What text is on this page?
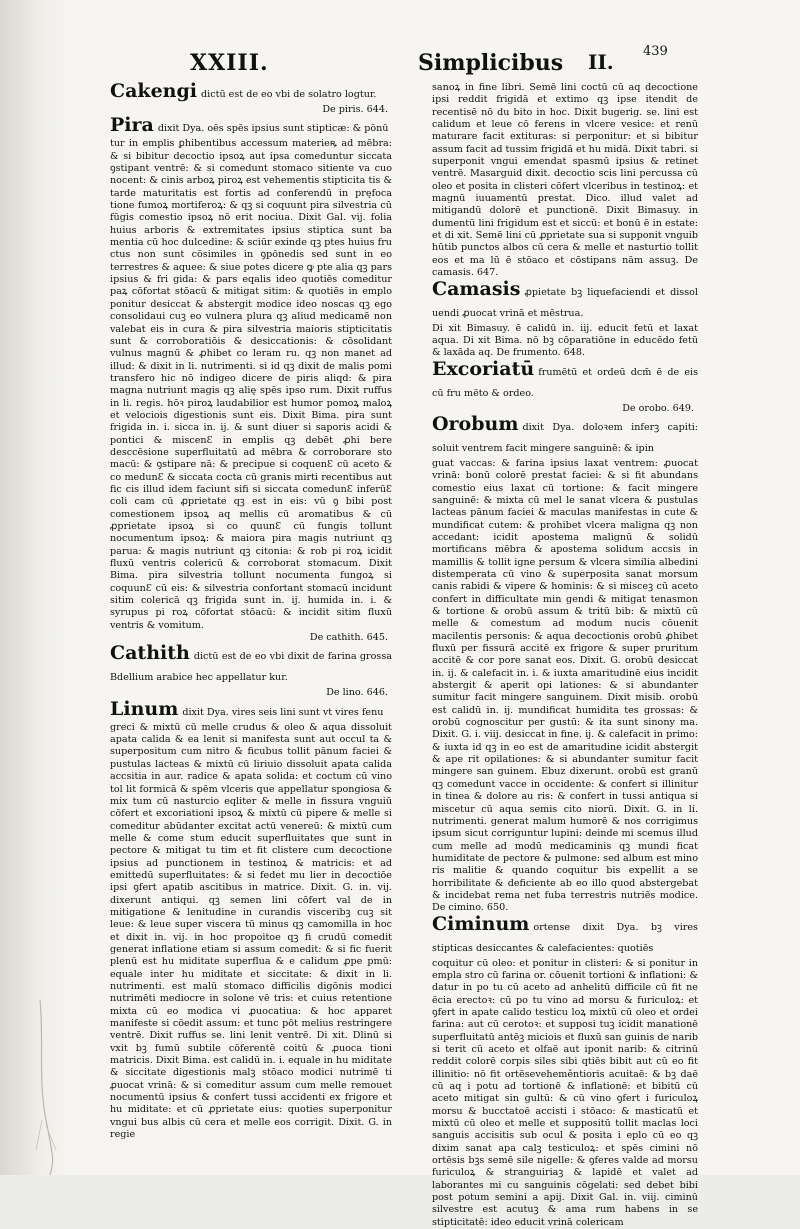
XXIII.	Simplicibus II. 439

Cakengi dictū est de eo vbi de solatro logtur.

De piris. 644.

Pira dixit Dya. oēs spēs ipsius sunt stipticæ: & pōnū

tur in emplis ꝑhibentibus accessum materieꝶ ad mēbra: & si bibitur decoctio ipsoꝝ aut ipsa comeduntur siccata ꝯstipant ventrē: & si comedunt stomaco sitiente va cuo nocent: & cinis arboꝝ piroꝝ est vehementis stipticita tis & tarde maturitatis est fortis ad conferendū in pręfoca tione fumoꝝ mortiferoꝝ: & qꝫ si coquunt pira silvestria cū fūgis comestio ipsoꝝ nō erit nociua. Dixit Gal. vij. folia huius arboris & extremitates ipsius stiptica sunt ba mentia cū hoc dulcedine: & sciūr exinde qꝫ ptes huius fru ctus non sunt cōsimiles in ꝯpōnedis sed sunt in eo terrestres & aquee: & siue potes dicere ꝙ pte alia qꝫ pars ipsius & fri gida: & pars eqalis ideo quotiēs comeditur paꝝ cōfortat stōacū & mitigat sitim: & quotiēs in emplo ponitur desiccat & abstergit modice ideo noscas qꝫ ego consolidaui cuꝫ eo vulnera plura qꝫ aliud medicamē non valebat eis in cura & pira silvestria maioris stipticitatis sunt & corroboratiōis & desiccationis: & cōsolidant vulnus magnū & ꝓhibet co leram ru. qꝫ non manet ad illud: & dixit in li. nutrimenti. si id qꝫ dixit de malis pomi transfero hic nō indigeo dicere de piris aliqd: & pira magna nutriunt magis qꝫ alię spēs ipso rum. Dixit ruffus in li. regis. hōꝛ piroꝝ laudabilior est humor pomoꝝ maloꝝ et velociois digestionis sunt eis. Dixit Bima. pira sunt frigida in. i. sicca in. ij. & sunt diuer si saporis acidi & pontici & miscenƐ in emplis qꝫ debēt ꝓhi bere desccēsione superfluitatū ad mēbra & corroborare sto macū: & ꝯstipare nā: & precipue si coquenƐ cū aceto & co medunƐ & siccata cocta cū granis mirti recentibus aut fic cis illud idem faciunt sifi si siccata comedunƐ inferūƐ coli cam cū ꝓprietate qꝫ est in eis: vū ꝯ bibi post comestionem ipsoꝝ aq mellis cū aromatibus & cū ꝓprietate ipsoꝝ si co quunƐ cū fungis tollunt nocumentum ipsoꝝ: & maiora pira magis nutriunt qꝫ parua: & magis nutriunt qꝫ citonia: & rob pi roꝝ icidit fluxū ventris colericū & corroborat stomacum. Dixit Bima. pira silvestria tollunt nocumenta fungoꝝ si coquunƐ cū eis: & silvestria confortant stomacū incidunt sitim colericā qꝫ frigida sunt in. ij. humida in. i. & syrupus pi roꝝ cōfortat stōacū: & incidit sitim fluxū ventris & vomitum.
De cathith. 645.

Cathith dictū est de eo vbi dixit de farina grossa Bdellium arabice hec appellatur kur.

De lino. 646.

Linum dixit Dya. vires seis lini sunt vt vires fenu

greci & mixtū cū melle crudus & oleo & aqua dissoluit apata calida & ea lenit si manifesta sunt aut occul ta & superpositum cum nitro & ficubus tollit pānum faciei & pustulas lacteas & mixtū cū liriuio dissoluit apata calida accsitia in aur. radice & apata solida: et coctum cū vino tol lit formicā & spēm vlceris que appellatur spongiosa & mix tum cū nasturcio eqliter & melle in fissura vnguiū cōfert et excoriationi ipsoꝝ & mixtū cū pipere & melle si comeditur abūdanter excitat actū venereū: & mixtū cum melle & come stum educit superfluitates que sunt in pectore & mitigat tu tim et fit clistere cum decoctione ipsius ad punctionem in testinoꝝ & matricis: et ad emittedū superfluitates: & si fedet mu lier in decoctiōe ipsi ꝯfert apatib ascitibus in matrice. Dixit. G. in. vij. dixerunt antiqui. qꝫ semen lini cōfert val de in mitigatione & lenitudine in curandis visceribꝫ cuꝫ sit leue: & leue super viscera tū minus qꝫ camomilla in hoc et dixit in. vij. in hoc propoitoe qꝫ fi crudū comedit generat inflatione etiam si assum comedit: & si fic fuerit plenū est hu miditate superflua & e calidum ꝓpe pmū: equale inter hu miditate et siccitate: & dixit in li. nutrimenti. est malū stomaco difficilis digōnis modici nutrimēti mediocre in solone vē tris: et cuius retentione mixta cū eo modica vi ꝓuocatiua: & hoc apparet manifeste si cōedit assum: et tunc pōt melius restringere ventrē. Dixit ruffus se. lini lenit ventrē. Di xit. Dlinū si vxit bꝫ fumū subtile cōferentē coitū & ꝓuoca tioni matricis. Dixit Bima. est calidū in. i. equale in hu miditate & siccitate digestionis malꝫ stōaco modici nutrimē ti ꝓuocat vrinā: & si comeditur assum cum melle remouet nocumentū ipsius & confert tussi accidenti ex frigore et hu miditate: et cū ꝓprietate eius: quoties superponitur vngui bus albis cū cera et melle eos corrigit. Dixit. G. in regie
sanoꝝ in fine libri. Semē lini coctū cū aq decoctione ipsi reddit frigidā et extimo qꝫ ipse itendit de recentisē nō du bito in hoc. Dixit bugerig. se. lini est calidum et leue cō ferens in vlcere vesice: et renū maturare facit extituras: si perponitur: et si bibitur assum facit ad tussim frigidā et hu midā. Dixit tabri. si superponit vngui emendat spasmū ipsius & retinet ventrē. Masarguid dixit. decoctio scis lini percussa cū oleo et posita in clisteri cōfert vlceribus in testinoꝝ: et magnū iuuamentū prestat. Dico. illud valet ad mitigandū dolorē et punctionē. Dixit Bimasuy. in dumentū lini frigidum est et siccū: et bonū ē in estate: et di xit. Semē lini cū ꝓprietate sua si supponit vnguib hūtib punctos albos cū cera & melle et nasturtio tollit eos et ma lū ē stōaco et cōstipans nām assuꝫ. De camasis. 647.

Camasis ꝓpietate bꝫ liquefaciendi et dissol uendi ꝓuocat vrinā et mēstrua.

Di xit Bimasuy. ē calidū in. iij. educit fetū et laxat aqua. Di xit Bima. nō bꝫ cōparatiōne in educēdo fetū & laxāda aq. De frumento. 648.

Excoriatū frumētū et ordeū dcm̄ ē de eis cū fru mēto & ordeo.

De orobo. 649.

Orobum dixit Dya. doloꝛem inferꝫ capiti: soluit ventrem facit mingere sanguinē: & ipin

guat vaccas: & farina ipsius laxat ventrem: ꝓuocat vrinā: bonū colorē prestat faciei: & si fit abundans comestio eius laxat cū tortione: & facit mingere sanguinē: & mixta cū mel le sanat vlcera & pustulas lacteas pānum faciei & maculas manifestas in cute & mundificat cutem: & prohibet vlcera maligna qꝫ non accedant: icidit apostema malignū & solidū mortificans mēbra & apostema solidum accsis in mamillis & tollit igne persum & vlcera similia albedini distemperata cū vino & superposita sanat morsum canis rabidi & vipere & hominis: & si misceꝫ cū aceto confert in difficultate min gendi & mitigat tenasmon & tortione & orobū assum & tritū bib: & mixtū cū melle & comestum ad modum nucis cōuenit macilentis personis: & aqua decoctionis orobū ꝓhibet fluxū per fissurā accitē ex frigore & super pruritum accitē & cor pore sanat eos. Dixit. G. orobū desiccat in. ij. & calefacit in. i. & iuxta amaritudinē eius incidit abstergit & aperit opi lationes: & si abundanter sumitur facit mingere sanguinem. Dixit misib. orobū est calidū in. ij. mundificat humidita tes grossas: & orobū cognoscitur per gustū: & ita sunt sinony ma. Dixit. G. i. viij. desiccat in fine. ij. & calefacit in primo: & iuxta id qꝫ in eo est de amaritudine icidit abstergit & ape rit opilationes: & si abundanter sumitur facit mingere san guinem. Ebuz dixerunt. orobū est granū qꝫ comedunt vacce in occidente: & confert si illinitur in tinea & dolore au ris: & confert in tussi antiqua si miscetur cū aqua semis cito niorū. Dixit. G. in li. nutrimenti. generat malum humorē & nos corrigimus ipsum sicut corriguntur lupini: deinde mi scemus illud cum melle ad modū medicaminis qꝫ mundi ficat humiditate de pectore & pulmone: sed album est mino ris malitie & quando coquitur bis expellit a se horribilitate & deficiente ab eo illo quod abstergebat & incidebat rema net fuba terrestris nutriēs modice. De cimino. 650.

Ciminum ortense dixit Dya. bꝫ vires stipticas desiccantes & calefacientes: quotiēs

coquitur cū oleo: et ponitur in clisteri: & si ponitur in empla stro cū farina or. cōuenit tortioni & inflationi: & datur in po tu cū aceto ad anhelitū difficile cū fit ne ēcia erectoꝛ: cū po tu vino ad morsu & furiculoꝝ: et ꝯfert in apate calido testicu loꝝ mixtū cū oleo et ordei farina: aut cū cerotoꝛ: et supposi tuꝫ icidit manationē superfluitatū antēꝫ miciois et fluxū san guinis de narib si terit cū aceto et olfaē aut iponit narib: & citrinū reddit colorē corpis siles sibi qtiēs bibit aut cū eo fit illinitio: nō fit ortēseveheměntioris acuitaē: & bꝫ daē cū aq i potu ad tortionē & inflationē: et bibitū cū aceto mitigat sin gultū: & cū vino ꝯfert i furiculoꝝ morsu & bucctatoē accisti i stōaco: & masticatū et mixtū cū oleo et melle et suppositū tollit maclas loci sanguis accisitis sub ocul & posita i eplo cū eo qꝫ dixim sanat apa calꝫ testiculoꝝ: et spēs cimini nō ortēsis bꝫs semē sile nigelle: & ꝯferes valde ad morsu furiculoꝝ & stranguiriaꝫ & lapidē et valet ad laborantes mi cu sanguinis cōgelati: sed debet bibi post potum semini a apij. Dixit Gal. in. viij. ciminū silvestre est acutuꝫ & ama rum habens in se stipticitatē: ideo educit vrinā colericam
